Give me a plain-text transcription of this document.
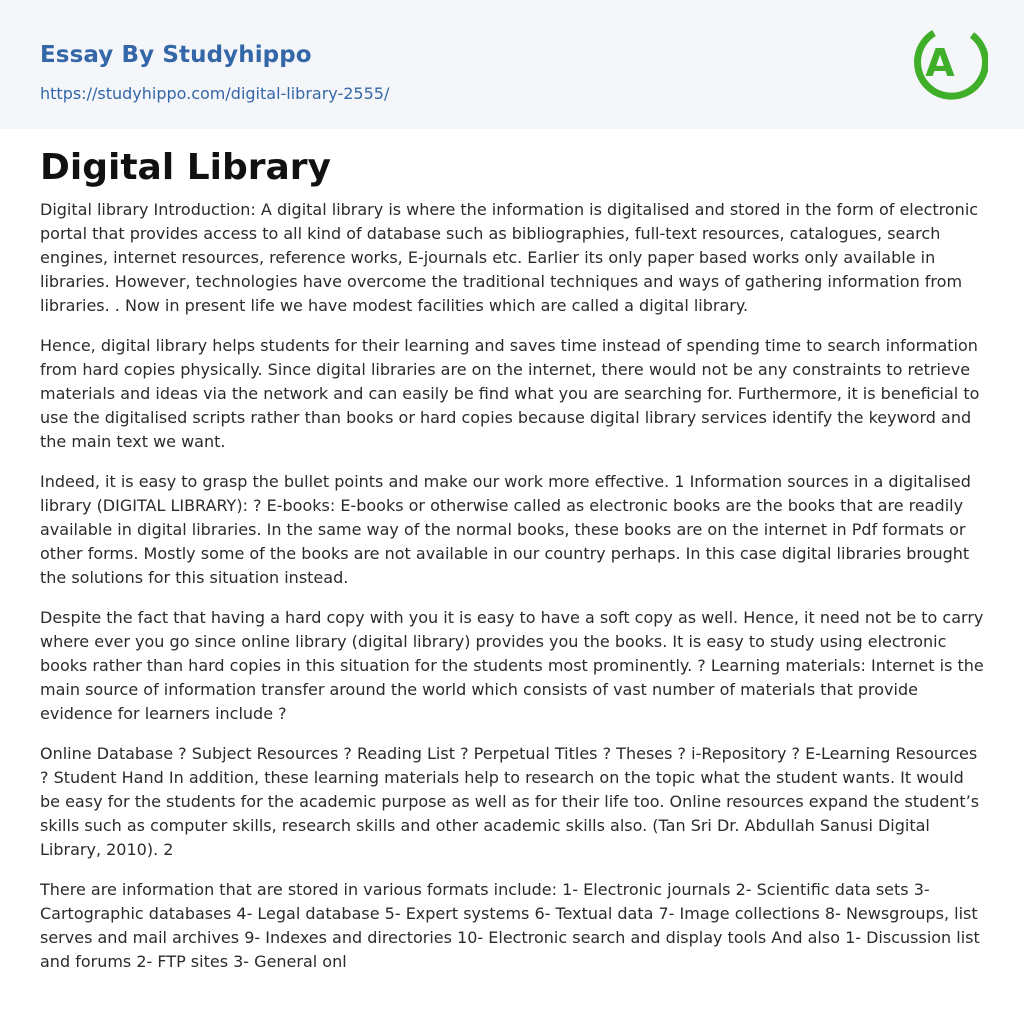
Essay By Studyhippo
https://studyhippo.com/digital-library-2555/
A
Digital Library

Digital library Introduction: A digital library is where the information is digitalised and stored in the form of electronic portal that provides access to all kind of database such as bibliographies, full-text resources, catalogues, search engines, internet resources, reference works, E-journals etc. Earlier its only paper based works only available in libraries. However, technologies have overcome the traditional techniques and ways of gathering information from libraries. . Now in present life we have modest facilities which are called a digital library.

Hence, digital library helps students for their learning and saves time instead of spending time to search information from hard copies physically. Since digital libraries are on the internet, there would not be any constraints to retrieve materials and ideas via the network and can easily be find what you are searching for. Furthermore, it is beneficial to use the digitalised scripts rather than books or hard copies because digital library services identify the keyword and the main text we want.

Indeed, it is easy to grasp the bullet points and make our work more effective. 1 Information sources in a digitalised library (DIGITAL LIBRARY): ? E-books: E-books or otherwise called as electronic books are the books that are readily available in digital libraries. In the same way of the normal books, these books are on the internet in Pdf formats or other forms. Mostly some of the books are not available in our country perhaps. In this case digital libraries brought the solutions for this situation instead.

Despite the fact that having a hard copy with you it is easy to have a soft copy as well. Hence, it need not be to carry where ever you go since online library (digital library) provides you the books. It is easy to study using electronic books rather than hard copies in this situation for the students most prominently. ? Learning materials: Internet is the main source of information transfer around the world which consists of vast number of materials that provide evidence for learners include ?

Online Database ? Subject Resources ? Reading List ? Perpetual Titles ? Theses ? i-Repository ? E-Learning Resources ? Student Hand In addition, these learning materials help to research on the topic what the student wants. It would be easy for the students for the academic purpose as well as for their life too. Online resources expand the student’s skills such as computer skills, research skills and other academic skills also. (Tan Sri Dr. Abdullah Sanusi Digital Library, 2010). 2

There are information that are stored in various formats include: 1- Electronic journals 2- Scientific data sets 3- Cartographic databases 4- Legal database 5- Expert systems 6- Textual data 7- Image collections 8- Newsgroups, list serves and mail archives 9- Indexes and directories 10- Electronic search and display tools And also 1- Discussion list and forums 2- FTP sites 3- General onl
